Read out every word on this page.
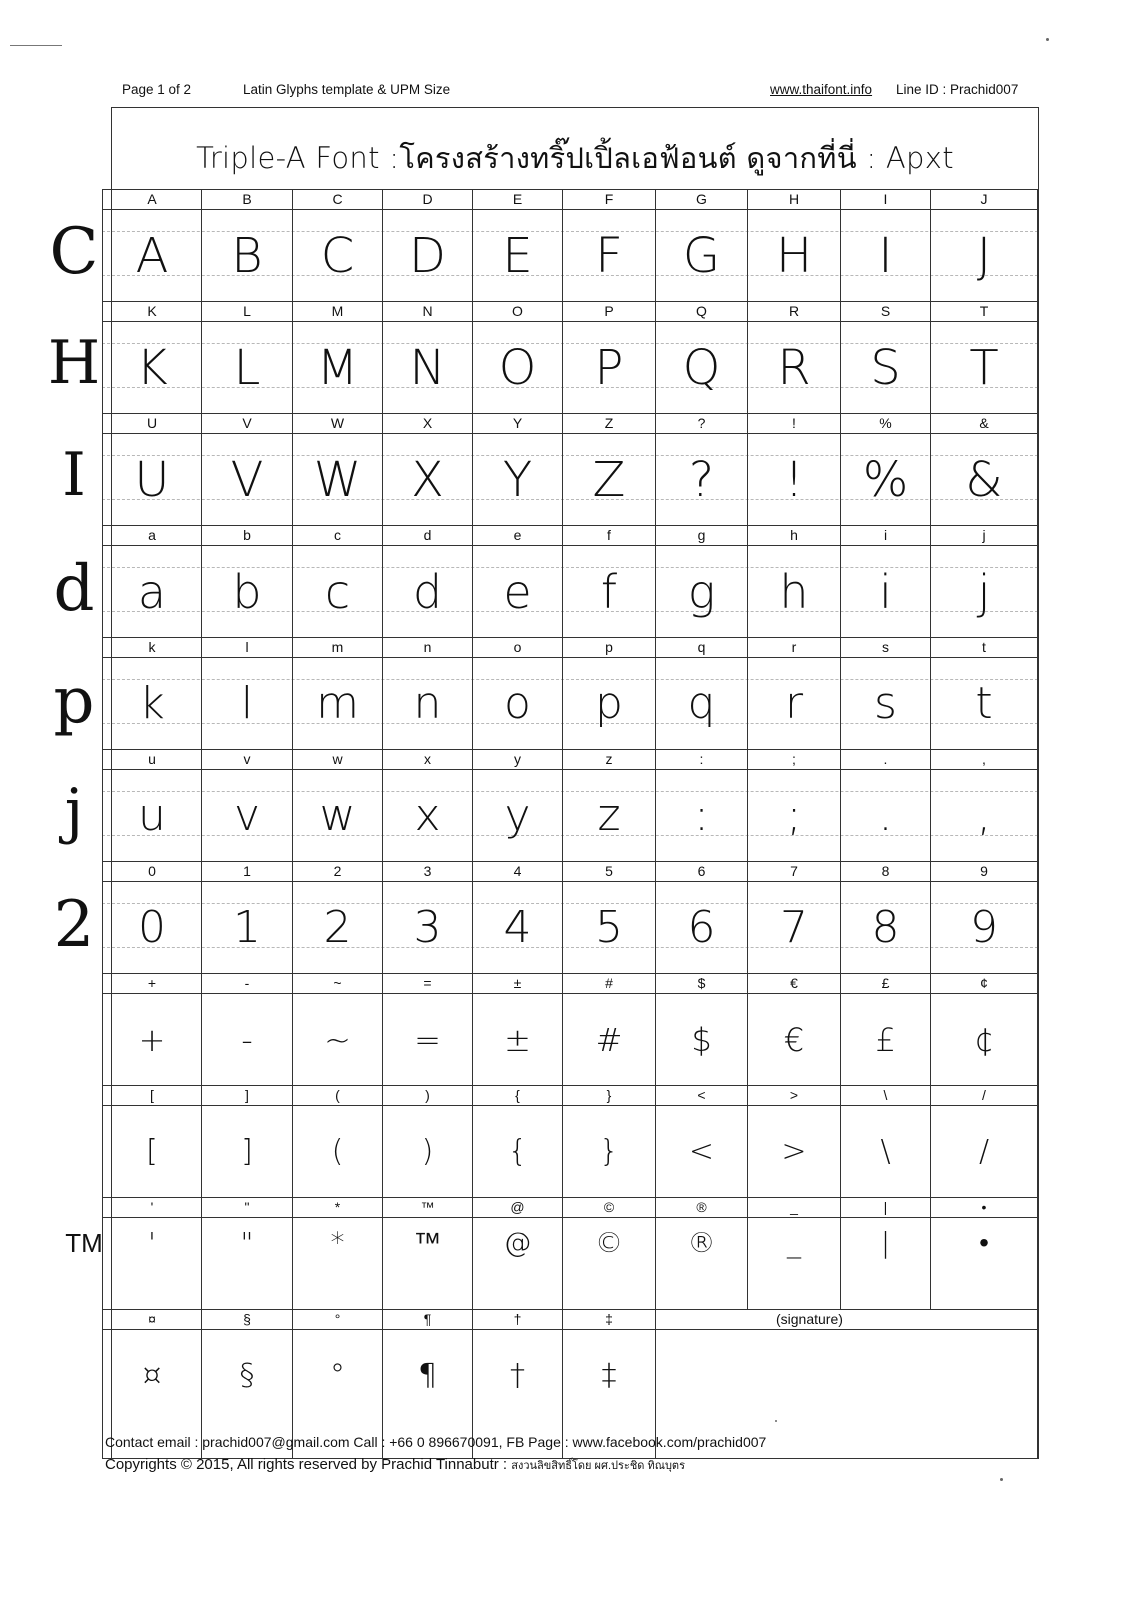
Page 1 of 2	Latin Glyphs template & UPM Size	www.thaifont.info Line ID : Prachid007
Triple-A Font :โครงสร้างทริ๊ปเปิ้ลเอฟ้อนต์ ดูจากที่นี่ : Apxt
A
A
B
B
C
C
D
D
E
E
F
F
G
G
H
H
I
I
J
J
K
K
L
L
M
M
N
N
O
O
P
P
Q
Q
R
R
S
S
T
T
U
U
V
V
W
W
X
X
Y
Y
Z
Z
?
?
!
!
%
%
&
&
a
a
b
b
c
c
d
d
e
e
f
f
g
g
h
h
i
i
j
j
k
k
l
l
m
m
n
n
o
o
p
p
q
q
r
r
s
s
t
t
u
u
v
v
w
w
x
x
y
y
z
z
:
:
;
;
.
.
,
,
0
0
1
1
2
2
3
3
4
4
5
5
6
6
7
7
8
8
9
9
+
+
-
-
~
~
=
=
±
±
#
#
$
$
€
€
£
£
¢
¢
[
[
]
]
(
(
)
)
{
{
}
}
<
<
>
>
\
\
/
/
'
'
"
"
*
*
™
™
@
@
©
©
®
®
_
_
|
|
•
•
¤
¤
§
§
°
°
¶
¶
†
†
‡
‡
(signature)
C
H
I
d
p
j
2
TM
Contact email : prachid007@gmail.com Call : +66 0 896670091, FB Page : www.facebook.com/prachid007
Copyrights © 2015, All rights reserved by Prachid Tinnabutr : สงวนลิขสิทธิ์โดย ผศ.ประชิด ทิณบุตร
